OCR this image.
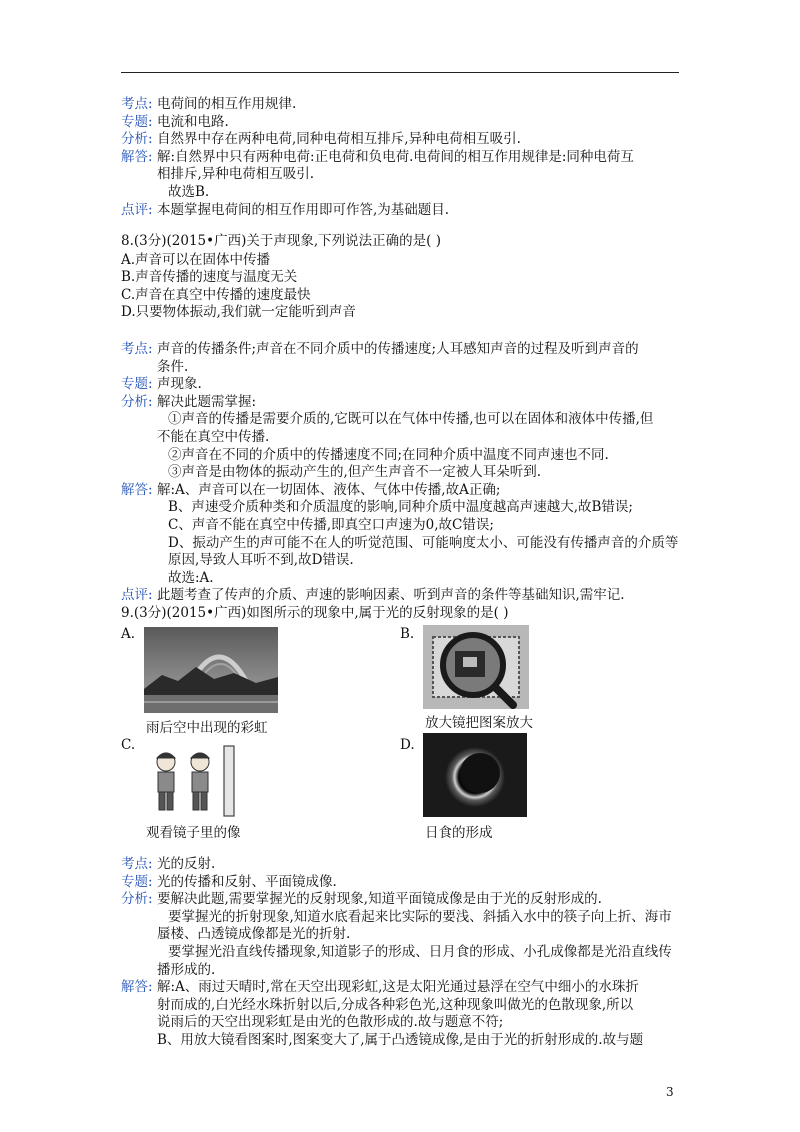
考点: 电荷间的相互作用规律.
专题: 电流和电路.
分析: 自然界中存在两种电荷,同种电荷相互排斥,异种电荷相互吸引.
解答: 解:自然界中只有两种电荷:正电荷和负电荷.电荷间的相互作用规律是:同种电荷互
相排斥,异种电荷相互吸引.
故选B.
点评: 本题掌握电荷间的相互作用即可作答,为基础题目.
8.(3分)(2015•广西)关于声现象,下列说法正确的是( )
A.声音可以在固体中传播
B.声音传播的速度与温度无关
C.声音在真空中传播的速度最快
D.只要物体振动,我们就一定能听到声音
考点: 声音的传播条件;声音在不同介质中的传播速度;人耳感知声音的过程及听到声音的
条件.
专题: 声现象.
分析: 解决此题需掌握:
①声音的传播是需要介质的,它既可以在气体中传播,也可以在固体和液体中传播,但
不能在真空中传播.
②声音在不同的介质中的传播速度不同;在同种介质中温度不同声速也不同.
③声音是由物体的振动产生的,但产生声音不一定被人耳朵听到.
解答: 解:A、声音可以在一切固体、液体、气体中传播,故A正确;
B、声速受介质种类和介质温度的影响,同种介质中温度越高声速越大,故B错误;
C、声音不能在真空中传播,即真空口声速为0,故C错误;
D、振动产生的声可能不在人的听觉范围、可能响度太小、可能没有传播声音的介质等
原因,导致人耳听不到,故D错误.
故选:A.
点评: 此题考查了传声的介质、声速的影响因素、听到声音的条件等基础知识,需牢记.
9.(3分)(2015•广西)如图所示的现象中,属于光的反射现象的是( )
A.	B.
C.	D.
雨后空中出现的彩虹	放大镜把图案放大
观看镜子里的像	日食的形成
考点: 光的反射.
专题: 光的传播和反射、平面镜成像.
分析: 要解决此题,需要掌握光的反射现象,知道平面镜成像是由于光的反射形成的.
要掌握光的折射现象,知道水底看起来比实际的要浅、斜插入水中的筷子向上折、海市
蜃楼、凸透镜成像都是光的折射.
要掌握光沿直线传播现象,知道影子的形成、日月食的形成、小孔成像都是光沿直线传
播形成的.
解答: 解:A、雨过天晴时,常在天空出现彩虹,这是太阳光通过悬浮在空气中细小的水珠折
射而成的,白光经水珠折射以后,分成各种彩色光,这种现象叫做光的色散现象,所以
说雨后的天空出现彩虹是由光的色散形成的.故与题意不符;
B、用放大镜看图案时,图案变大了,属于凸透镜成像,是由于光的折射形成的.故与题
3
